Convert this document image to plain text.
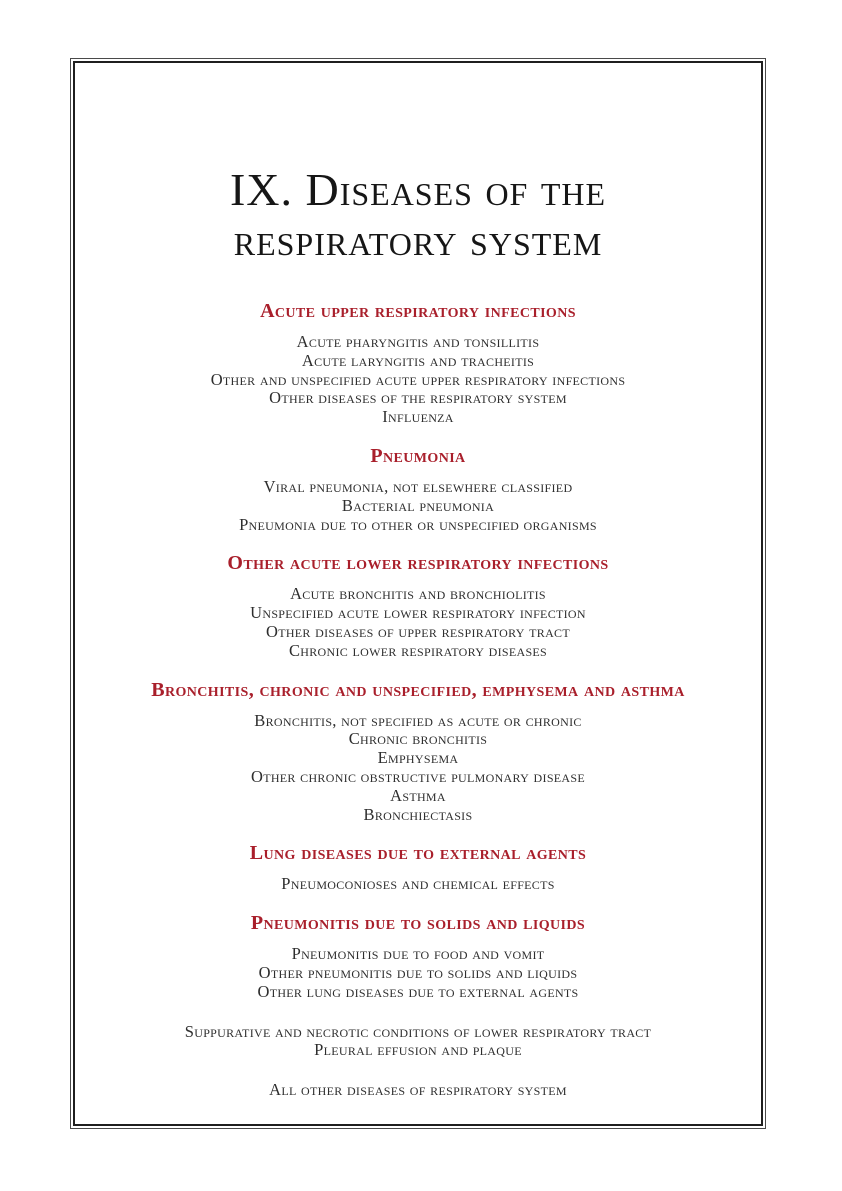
IX. Diseases of the
respiratory system
Acute upper respiratory infections

Acute pharyngitis and tonsillitis

Acute laryngitis and tracheitis

Other and unspecified acute upper respiratory infections

Other diseases of the respiratory system

Influenza

Pneumonia

Viral pneumonia, not elsewhere classified

Bacterial pneumonia

Pneumonia due to other or unspecified organisms

Other acute lower respiratory infections

Acute bronchitis and bronchiolitis

Unspecified acute lower respiratory infection

Other diseases of upper respiratory tract

Chronic lower respiratory diseases

Bronchitis, chronic and unspecified, emphysema and asthma

Bronchitis, not specified as acute or chronic

Chronic bronchitis

Emphysema

Other chronic obstructive pulmonary disease

Asthma

Bronchiectasis

Lung diseases due to external agents

Pneumoconioses and chemical effects

Pneumonitis due to solids and liquids

Pneumonitis due to food and vomit

Other pneumonitis due to solids and liquids

Other lung diseases due to external agents

Suppurative and necrotic conditions of lower respiratory tract

Pleural effusion and plaque

All other diseases of respiratory system
